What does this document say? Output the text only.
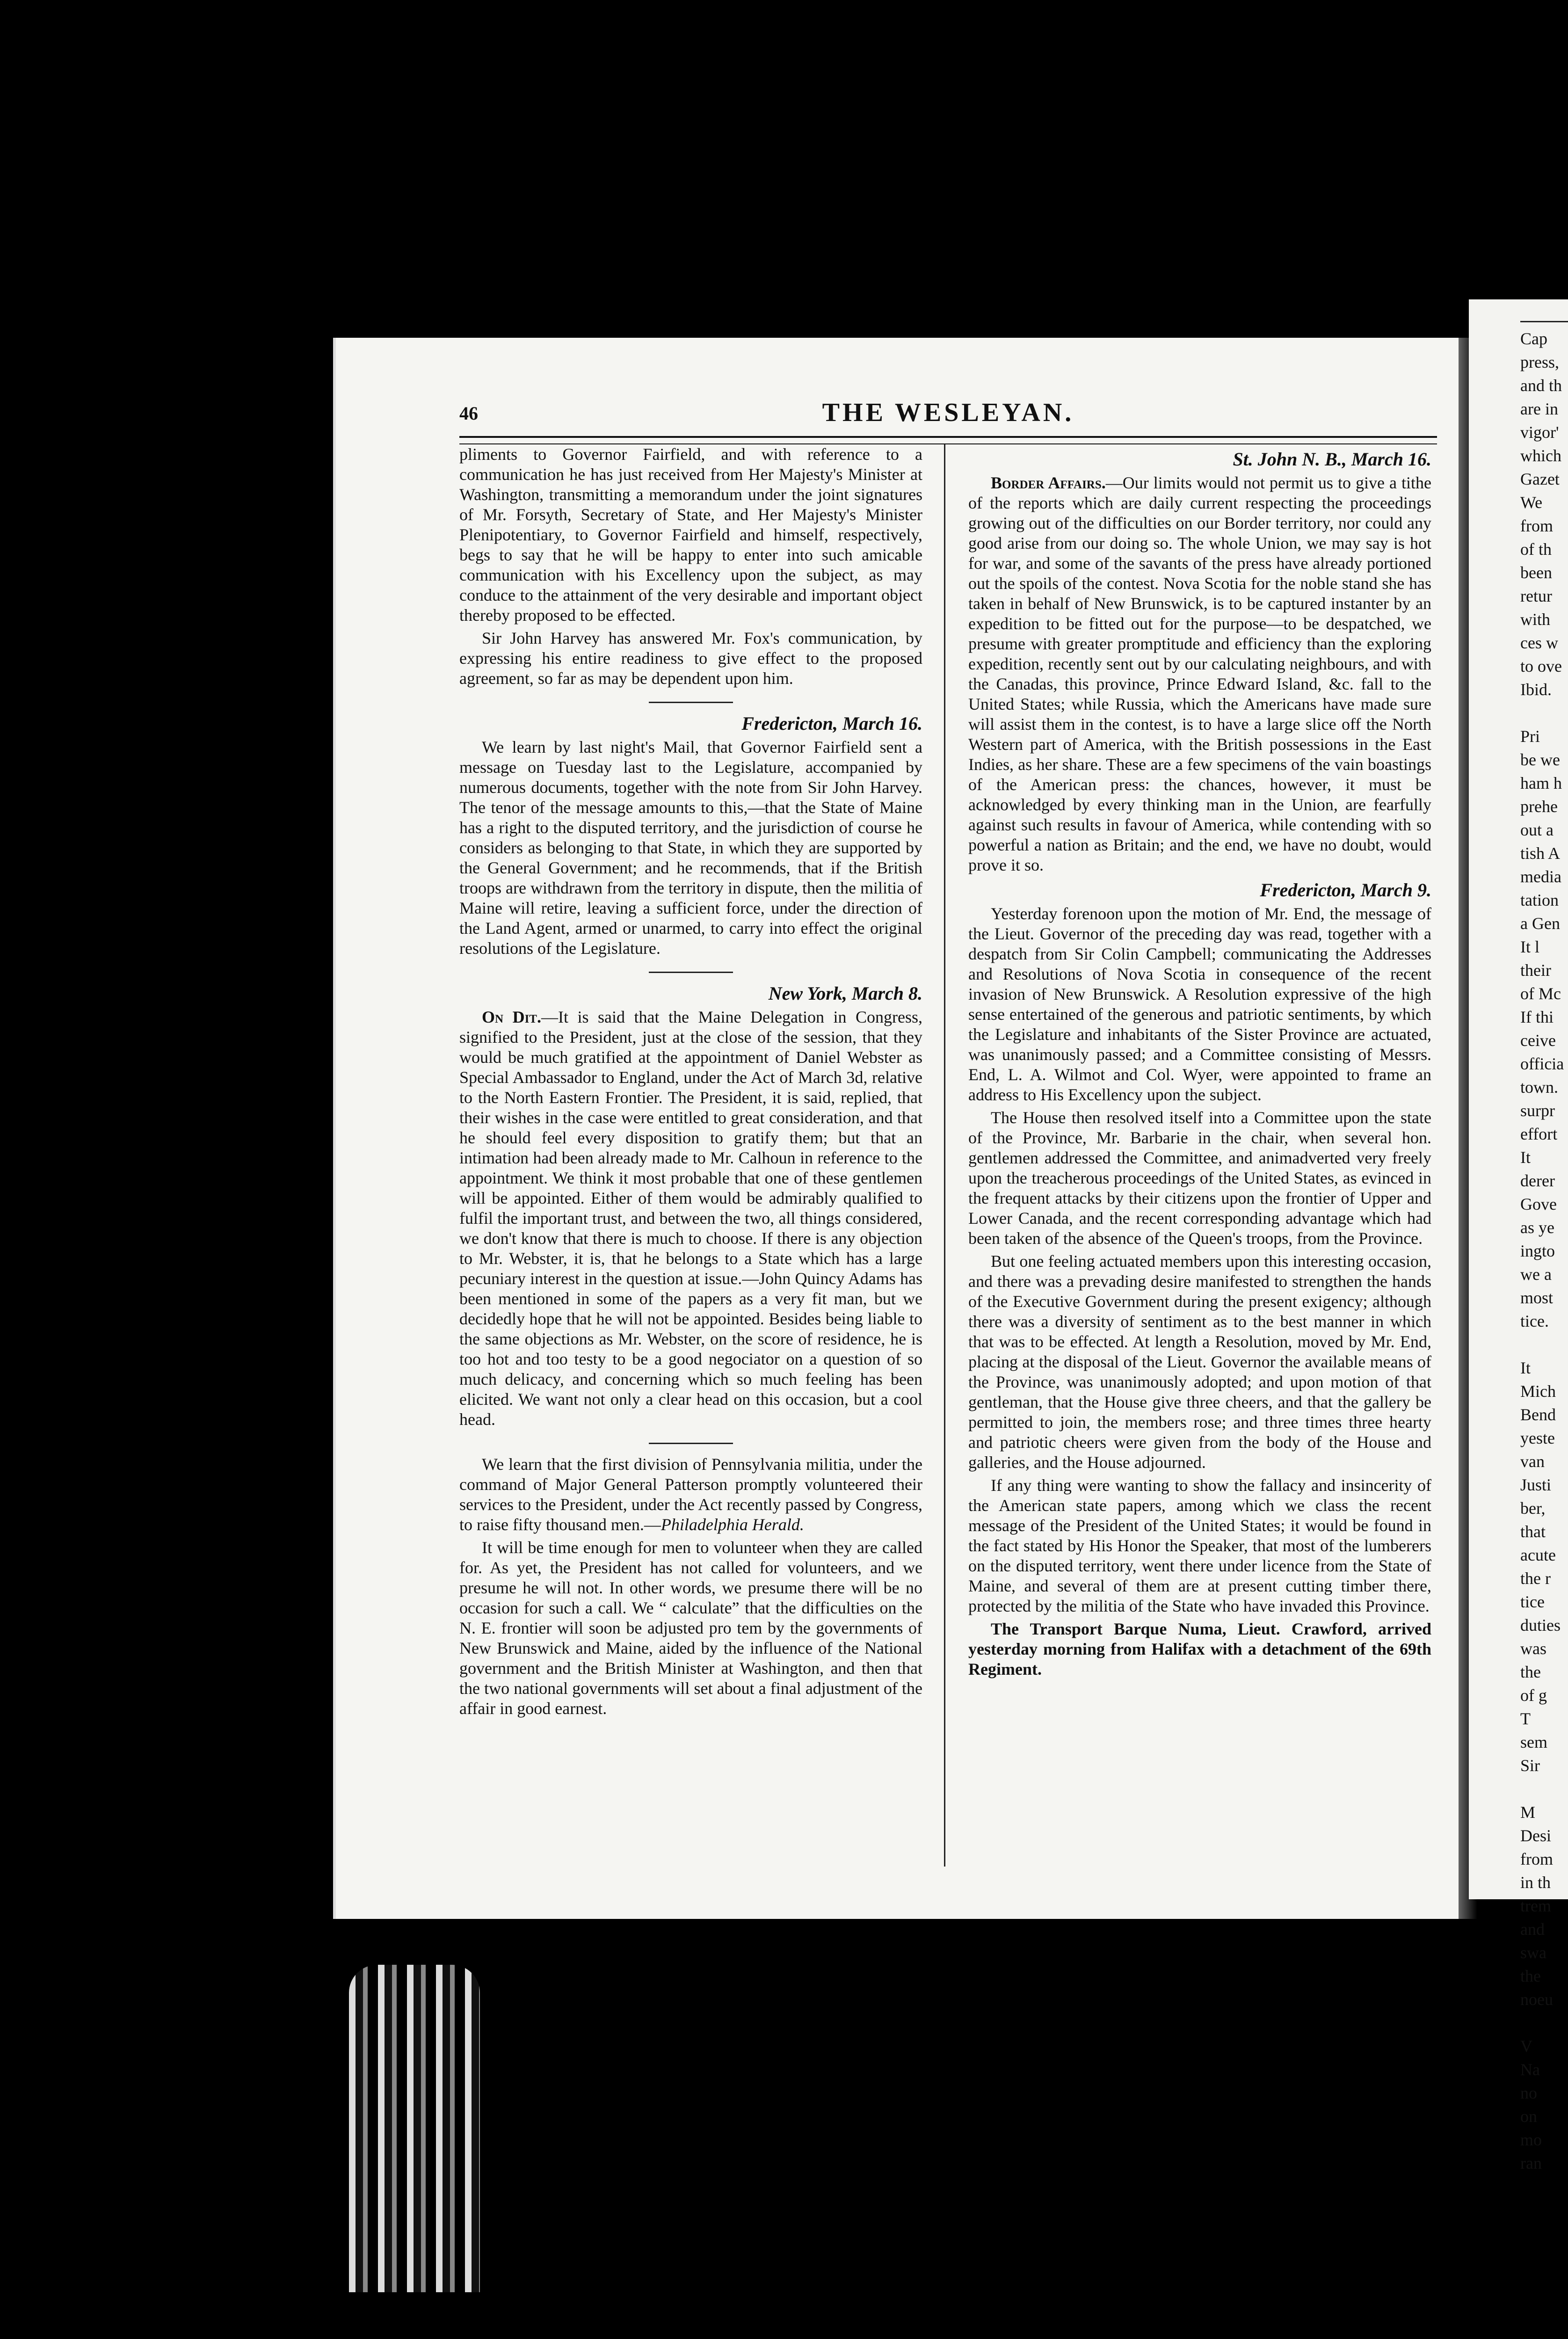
46	THE WESLEYAN.

pliments to Governor Fairfield, and with reference to a communication he has just received from Her Majesty's Minister at Washington, transmitting a memorandum under the joint signatures of Mr. Forsyth, Secretary of State, and Her Majesty's Minister Plenipotentiary, to Governor Fairfield and himself, respectively, begs to say that he will be happy to enter into such amicable communication with his Excellency upon the subject, as may conduce to the attainment of the very desirable and important object thereby proposed to be effected.

Sir John Harvey has answered Mr. Fox's communication, by expressing his entire readiness to give effect to the proposed agreement, so far as may be dependent upon him.

Fredericton, March 16.

We learn by last night's Mail, that Governor Fairfield sent a message on Tuesday last to the Legislature, accompanied by numerous documents, together with the note from Sir John Harvey. The tenor of the message amounts to this,—that the State of Maine has a right to the disputed territory, and the jurisdiction of course he considers as belonging to that State, in which they are supported by the General Government; and he recommends, that if the British troops are withdrawn from the territory in dispute, then the militia of Maine will retire, leaving a sufficient force, under the direction of the Land Agent, armed or unarmed, to carry into effect the original resolutions of the Legislature.

New York, March 8.

On Dit.—It is said that the Maine Delegation in Congress, signified to the President, just at the close of the session, that they would be much gratified at the appointment of Daniel Webster as Special Ambassador to England, under the Act of March 3d, relative to the North Eastern Frontier. The President, it is said, replied, that their wishes in the case were entitled to great consideration, and that he should feel every disposition to gratify them; but that an intimation had been already made to Mr. Calhoun in reference to the appointment. We think it most probable that one of these gentlemen will be appointed. Either of them would be admirably qualified to fulfil the important trust, and between the two, all things considered, we don't know that there is much to choose. If there is any objection to Mr. Webster, it is, that he belongs to a State which has a large pecuniary interest in the question at issue.—John Quincy Adams has been mentioned in some of the papers as a very fit man, but we decidedly hope that he will not be appointed. Besides being liable to the same objections as Mr. Webster, on the score of residence, he is too hot and too testy to be a good negociator on a question of so much delicacy, and concerning which so much feeling has been elicited. We want not only a clear head on this occasion, but a cool head.

We learn that the first division of Pennsylvania militia, under the command of Major General Patterson promptly volunteered their services to the President, under the Act recently passed by Congress, to raise fifty thousand men.—Philadelphia Herald.

It will be time enough for men to volunteer when they are called for. As yet, the President has not called for volunteers, and we presume he will not. In other words, we presume there will be no occasion for such a call. We “ calculate” that the difficulties on the N. E. frontier will soon be adjusted pro tem by the governments of New Brunswick and Maine, aided by the influence of the National government and the British Minister at Washington, and then that the two national governments will set about a final adjustment of the affair in good earnest.

St. John N. B., March 16.

Border Affairs.—Our limits would not permit us to give a tithe of the reports which are daily current respecting the proceedings growing out of the difficulties on our Border territory, nor could any good arise from our doing so. The whole Union, we may say is hot for war, and some of the savants of the press have already portioned out the spoils of the contest. Nova Scotia for the noble stand she has taken in behalf of New Brunswick, is to be captured instanter by an expedition to be fitted out for the purpose—to be despatched, we presume with greater promptitude and efficiency than the exploring expedition, recently sent out by our calculating neighbours, and with the Canadas, this province, Prince Edward Island, &c. fall to the United States; while Russia, which the Americans have made sure will assist them in the contest, is to have a large slice off the North Western part of America, with the British possessions in the East Indies, as her share. These are a few specimens of the vain boastings of the American press: the chances, however, it must be acknowledged by every thinking man in the Union, are fearfully against such results in favour of America, while contending with so powerful a nation as Britain; and the end, we have no doubt, would prove it so.

Fredericton, March 9.

Yesterday forenoon upon the motion of Mr. End, the message of the Lieut. Governor of the preceding day was read, together with a despatch from Sir Colin Campbell; communicating the Addresses and Resolutions of Nova Scotia in consequence of the recent invasion of New Brunswick. A Resolution expressive of the high sense entertained of the generous and patriotic sentiments, by which the Legislature and inhabitants of the Sister Province are actuated, was unanimously passed; and a Committee consisting of Messrs. End, L. A. Wilmot and Col. Wyer, were appointed to frame an address to His Excellency upon the subject.

The House then resolved itself into a Committee upon the state of the Province, Mr. Barbarie in the chair, when several hon. gentlemen addressed the Committee, and animadverted very freely upon the treacherous proceedings of the United States, as evinced in the frequent attacks by their citizens upon the frontier of Upper and Lower Canada, and the recent corresponding advantage which had been taken of the absence of the Queen's troops, from the Province.

But one feeling actuated members upon this interesting occasion, and there was a prevading desire manifested to strengthen the hands of the Executive Government during the present exigency; although there was a diversity of sentiment as to the best manner in which that was to be effected. At length a Resolution, moved by Mr. End, placing at the disposal of the Lieut. Governor the available means of the Province, was unanimously adopted; and upon motion of that gentleman, that the House give three cheers, and that the gallery be permitted to join, the members rose; and three times three hearty and patriotic cheers were given from the body of the House and galleries, and the House adjourned.

If any thing were wanting to show the fallacy and insincerity of the American state papers, among which we class the recent message of the President of the United States; it would be found in the fact stated by His Honor the Speaker, that most of the lumberers on the disputed territory, went there under licence from the State of Maine, and several of them are at present cutting timber there, protected by the militia of the State who have invaded this Province.

The Transport Barque Numa, Lieut. Crawford, arrived yesterday morning from Halifax with a detachment of the 69th Regiment.

Cap
press,
and th
are in
vigor'
which
Gazet
We
from
of th
been
retur
with
ces w
to ove
Ibid.

Pri
be we
ham h
prehe
out a
tish A
media
tation
a Gen
It l
their
of Mc
If thi
ceive
officia
town.
surpr
effort
It
derer
Gove
as ye
ingto
we a
most
tice.

It
Mich
Bend
yeste
van
Justi
ber,
that
acute
the r
tice
duties
was
the
of g
T
sem
Sir

M
Desi
from
in th
trem
and
swa
the
noeu

V
Na
no
on
mo
ran
